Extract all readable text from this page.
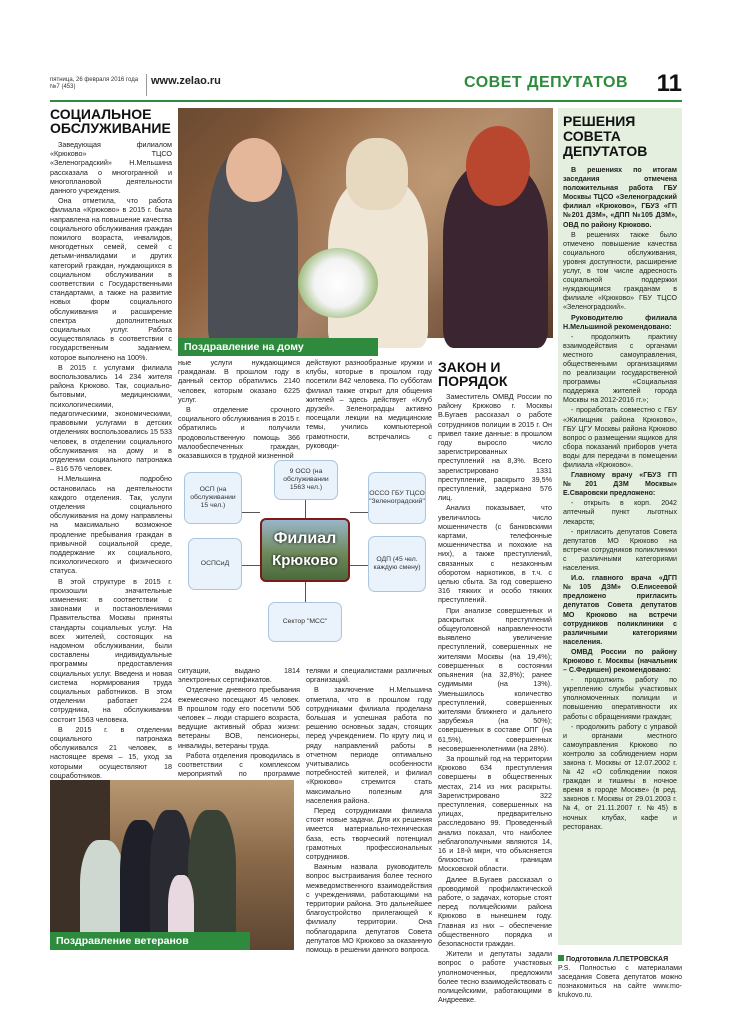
пятница, 26 февраля 2016 года
№7 (453)	www.zelao.ru	СОВЕТ ДЕПУТАТОВ 11
СОЦИАЛЬНОЕ
ОБСЛУЖИВАНИЕ

Заведующая филиалом «Крюково» ТЦСО «Зеленоградский» Н.Мельшина рассказала о многогранной и многоплановой деятельности данного учреждения.

Она отметила, что работа филиала «Крюково» в 2015 г. была направлена на повышение качества социального обслуживания граждан пожилого возраста, инвалидов, многодетных семей, семей с детьми-инвалидами и других категорий граждан, нуждающихся в социальном обслуживании в соответствии с Государственными стандартами, а также на развитие новых форм социального обслуживания и расширение спектра дополнительных социальных услуг. Работа осуществлялась в соответствии с государственным заданием, которое выполнено на 100%.

В 2015 г. услугами филиала воспользовались 14 234 жителя района Крюково. Так, социально-бытовыми, медицинскими, психологическими, педагогическими, экономическими, правовыми услугами в детских отделениях воспользовались 15 533 человек, в отделении социального обслуживания на дому и в отделении социального патронажа – 816 576 человек.

Н.Мельшина подробно остановилась на деятельности каждого отделения. Так, услуги отделения социального обслуживания на дому направлены на максимально возможное продление пребывания граждан в привычной социальной среде, поддержание их социального, психологического и физического статуса.

В этой структуре в 2015 г. произошли значительные изменения: в соответствии с законами и постановлениями Правительства Москвы приняты стандарты социальных услуг. На всех жителей, состоящих на надомном обслуживании, были составлены индивидуальные программы предоставления социальных услуг. Введена и новая система нормирования труда социальных работников. В этом отделении работает 224 сотрудника, на обслуживании состоит 1563 человека.

В 2015 г. в отделении социального патронажа обслуживался 21 человек, в настоящее время – 15, уход за которыми осуществляют 18 соцработников.

Поздравление на дому

ные услуги нуждающимся гражданам. В прошлом году в данный сектор обратились 2140 человек, которым оказано 6225 услуг.

В отделение срочного социального обслуживания в 2015 г. обратились и получили продовольственную помощь 366 малообеспеченных граждан, оказавшихся в трудной жизненной

действуют разнообразные кружки и клубы, которые в прошлом году посетили 842 человека. По субботам филиал также открыт для общения жителей – здесь действует «Клуб друзей». Зеленоградцы активно посещали лекции на медицинские темы, учились компьютерной грамотности, встречались с руководи-

ОСП (на обслуживании 15 чел.)
9 ОСО (на обслуживании 1563 чел.)
ОССО ГБУ ТЦСО "Зеленоградский"
ОСПСиД
ОДП (45 чел. каждую смену)
Сектор "МСС"
Филиал
Крюково

ситуации, выдано 1814 электронных сертификатов.

Отделение дневного пребывания ежемесячно посещают 45 человек. В прошлом году его посетили 506 человек – люди старшего возраста, ведущие активный образ жизни: ветераны ВОВ, пенсионеры, инвалиды, ветераны труда.

Работа отделения проводилась в соответствии с комплексом мероприятий по программе

телями и специалистами различных организаций.

В заключение Н.Мельшина отметила, что в прошлом году сотрудниками филиала проделана большая и успешная работа по решению основных задач, стоящих перед учреждением. По кругу лиц и ряду направлений работы в отчетном периоде оптимально учитывались особенности потребностей жителей, и филиал «Крюково» стремится стать максимально полезным для населения района.

Перед сотрудниками филиала стоят новые задачи. Для их решения имеется материально-техническая база, есть творческий потенциал грамотных профессиональных сотрудников.

Важным назвала руководитель вопрос выстраивания более тесного межведомственного взаимодействия с учреждениями, работающими на территории района. Это дальнейшее благоустройство прилегающей к филиалу территории. Она поблагодарила депутатов Совета депутатов МО Крюково за оказанную помощь в решении данного вопроса.

Поздравление ветеранов
ЗАКОН И
ПОРЯДОК

Заместитель ОМВД России по району Крюково г. Москвы В.Бугаев рассказал о работе сотрудников полиции в 2015 г. Он привел такие данные: в прошлом году выросло число зарегистрированных преступлений на 8,3%. Всего зарегистрировано 1331 преступление, раскрыто 39,5% преступлений, задержано 576 лиц.

Анализ показывает, что увеличилось число мошенничеств (с банковскими картами, телефонные мошенничества и похожие на них), а также преступлений, связанных с незаконным оборотом наркотиков, в т.ч. с целью сбыта. За год совершено 316 тяжких и особо тяжких преступлений.

При анализе совершенных и раскрытых преступлений общеуголовной направленности выявлено увеличение преступлений, совершенных не жителями Москвы (на 19,4%); совершенных в состоянии опьянения (на 32,8%); ранее судимыми (на 13%). Уменьшилось количество преступлений, совершенных жителями ближнего и дальнего зарубежья (на 50%); совершенных в составе ОПГ (на 61,5%), совершенных несовершеннолетними (на 28%).

За прошлый год на территории Крюково 634 преступления совершены в общественных местах, 214 из них раскрыты. Зарегистрировано 322 преступления, совершенных на улицах, предварительно расследовано 99. Проведенный анализ показал, что наиболее неблагополучными являются 14, 16 и 18-й мкрн, что объясняется близостью к границам Московской области.

Далее В.Бугаев рассказал о проводимой профилактической работе, о задачах, которые стоят перед полицейскими района Крюково в нынешнем году. Главная из них – обеспечение общественного порядка и безопасности граждан.

Жители и депутаты задали вопрос о работе участковых уполномоченных, предложили более тесно взаимодействовать с полицейскими, работающими в Андреевке.

РЕШЕНИЯ СОВЕТА ДЕПУТАТОВ

В решениях по итогам заседания отмечена положительная работа ГБУ Москвы ТЦСО «Зеленоградский филиал «Крюково», ГБУЗ «ГП №201 ДЗМ», «ДПП №105 ДЗМ», ОВД по району Крюково.

В решениях также было отмечено повышение качества социального обслуживания, уровня доступности, расширение услуг, в том числе адресность социальной поддержки нуждающимся гражданам в филиале «Крюково» ГБУ ТЦСО «Зеленоградский».

Руководителю филиала Н.Мельшиной рекомендовано:

- продолжить практику взаимодействия с органами местного самоуправления, общественными организациями по реализации государственной программы «Социальная поддержка жителей города Москвы на 2012-2016 гг.»;

- проработать совместно с ГБУ «Жилищник района Крюково», ГБУ ЦГУ Москвы района Крюково вопрос о размещении ящиков для сбора показаний приборов учета воды для передачи в помещении филиала «Крюково».

Главному врачу «ГБУЗ ГП №201 ДЗМ Москвы» Е.Сваровски предложено:

- открыть в корп. 2042 аптечный пункт льготных лекарств;

- пригласить депутатов Совета депутатов МО Крюково на встречи сотрудников поликлиники с различными категориями населения.

И.о. главного врача «ДГП №105 ДЗМ» О.Елисеевой предложено пригласить депутатов Совета депутатов МО Крюково на встречи сотрудников поликлиники с различными категориями населения.

ОМВД России по району Крюково г. Москвы (начальник – С.Федишен) рекомендовано:

- продолжить работу по укреплению службы участковых уполномоченных полиции и повышению оперативности их работы с обращениями граждан;

- продолжить работу с управой и органами местного самоуправления Крюково по контролю за соблюдением норм закона г. Москвы от 12.07.2002 г. №42 «О соблюдении покоя граждан и тишины в ночное время в городе Москве» (в ред. законов г. Москвы от 29.01.2003 г. №4, от 21.11.2007 г. №45) в ночных клубах, кафе и ресторанах.

Подготовила Л.ПЕТРОВСКАЯ
P.S. Полностью с материалами заседания Совета депутатов можно познакомиться на сайте www.mo-krukovo.ru.
